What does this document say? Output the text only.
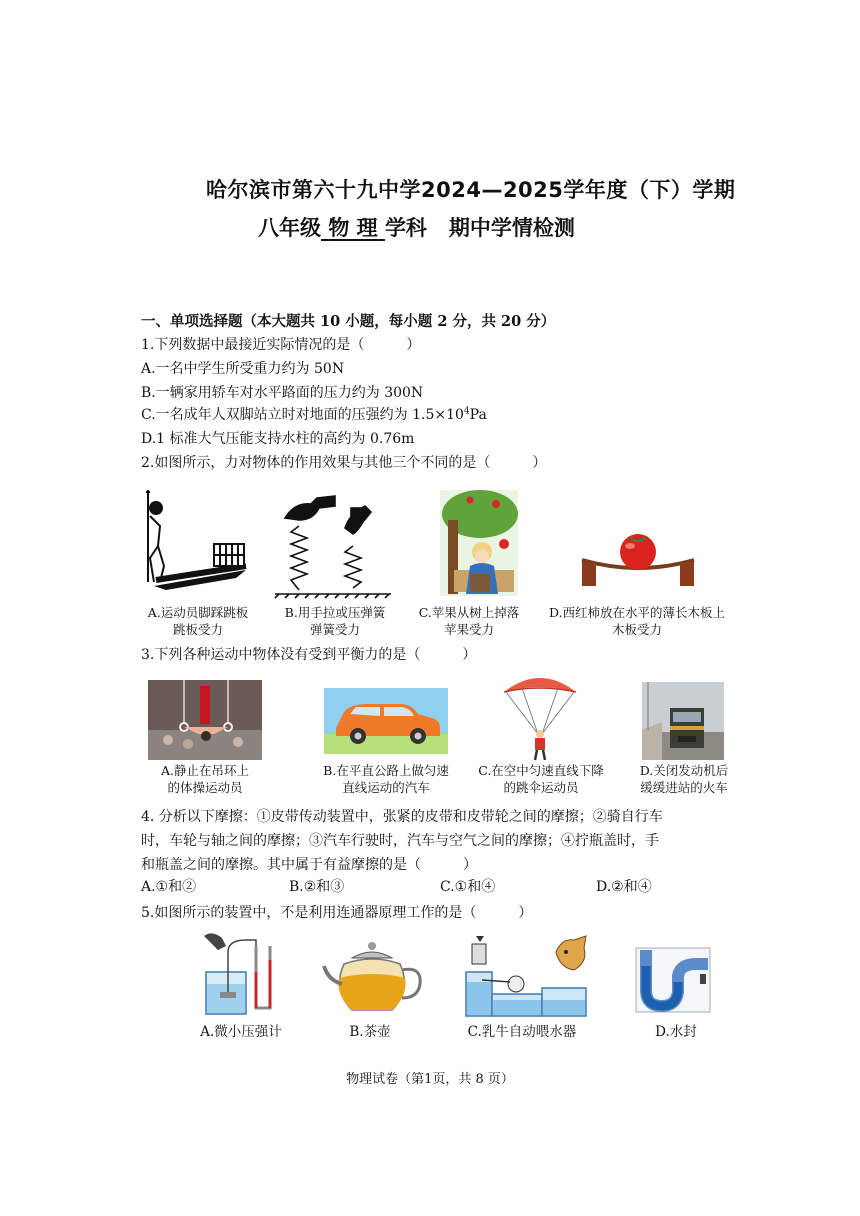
哈尔滨市第六十九中学2024—2025学年度（下）学期
八年级 物 理 学科 期中学情检测
一、单项选择题（本大题共 10 小题，每小题 2 分，共 20 分）
1.下列数据中最接近实际情况的是（　　　）
A.一名中学生所受重力约为 50N
B.一辆家用轿车对水平路面的压力约为 300N
C.一名成年人双脚站立时对地面的压强约为 $1.5\times 10^4Pa$
D.1 标准大气压能支持水柱的高约为 0.76m
2.如图所示，力对物体的作用效果与其他三个不同的是（　　　）
A.运动员脚踩跳板
跳板受力
B.用手拉或压弹簧
弹簧受力
C.苹果从树上掉落
苹果受力
D.西红柿放在水平的薄长木板上
木板受力
3.下列各种运动中物体没有受到平衡力的是（　　　）
A.静止在吊环上
的体操运动员
B.在平直公路上做匀速
直线运动的汽车
C.在空中匀速直线下降
的跳伞运动员
D.关闭发动机后
缓缓进站的火车
4. 分析以下摩擦：①皮带传动装置中，张紧的皮带和皮带轮之间的摩擦；②骑自行车
时，车轮与轴之间的摩擦；③汽车行驶时，汽车与空气之间的摩擦；④拧瓶盖时，手
和瓶盖之间的摩擦。其中属于有益摩擦的是（　　　）
A.①和②	B.②和③	C.①和④	D.②和④
5.如图所示的装置中，不是利用连通器原理工作的是（　　　）
A.微小压强计	B.茶壶	C.乳牛自动喂水器	D.水封
物理试卷（第1页，共 8 页）
